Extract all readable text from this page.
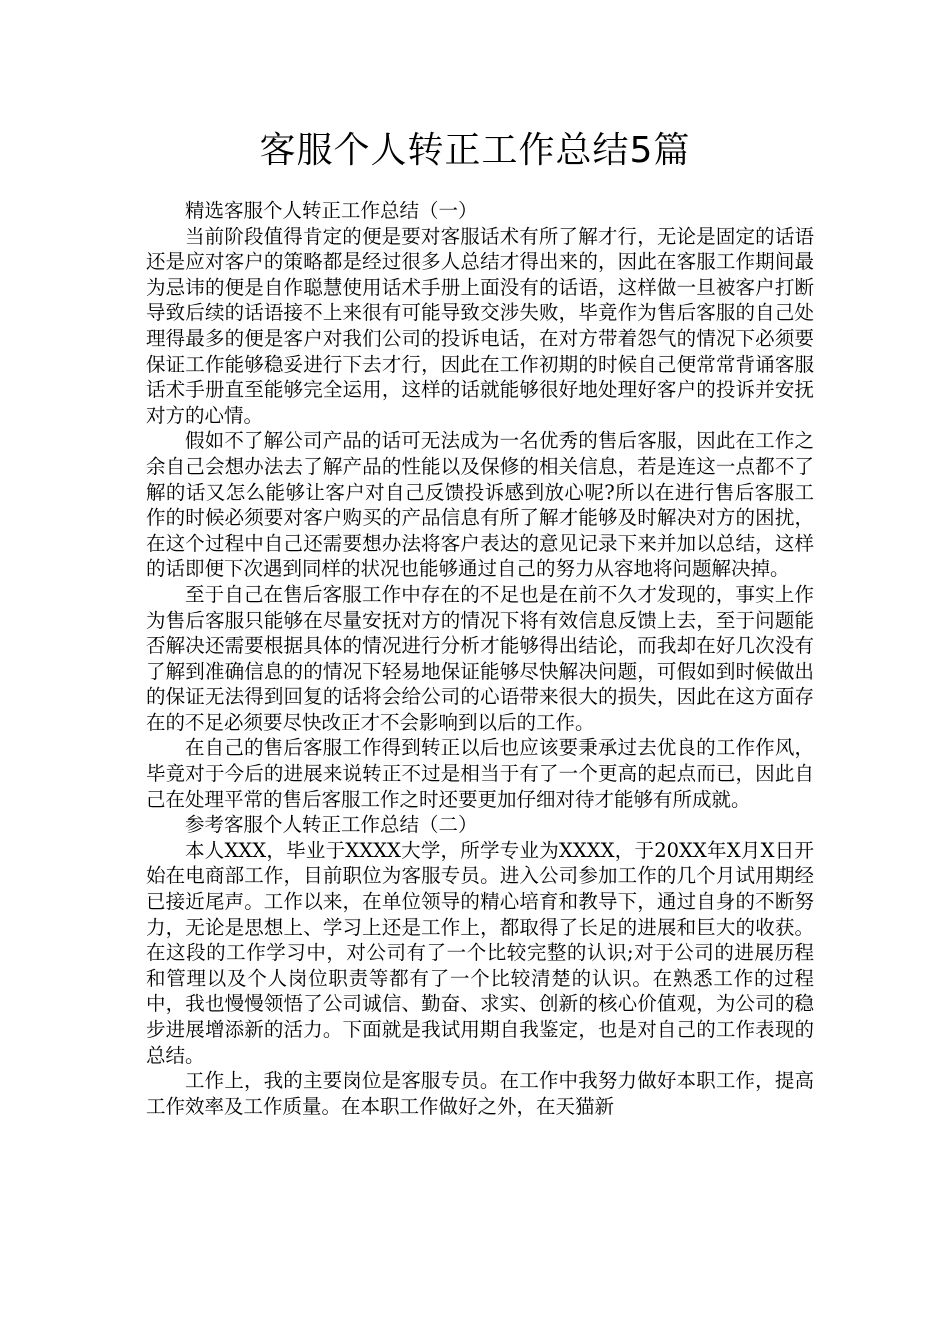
客服个人转正工作总结5篇

精选客服个人转正工作总结（一）

当前阶段值得肯定的便是要对客服话术有所了解才行，无论是固定的话语还是应对客户的策略都是经过很多人总结才得出来的，因此在客服工作期间最为忌讳的便是自作聪慧使用话术手册上面没有的话语，这样做一旦被客户打断导致后续的话语接不上来很有可能导致交涉失败，毕竟作为售后客服的自己处理得最多的便是客户对我们公司的投诉电话，在对方带着怨气的情况下必须要保证工作能够稳妥进行下去才行，因此在工作初期的时候自己便常常背诵客服话术手册直至能够完全运用，这样的话就能够很好地处理好客户的投诉并安抚对方的心情。

假如不了解公司产品的话可无法成为一名优秀的售后客服，因此在工作之余自己会想办法去了解产品的性能以及保修的相关信息，若是连这一点都不了解的话又怎么能够让客户对自己反馈投诉感到放心呢?所以在进行售后客服工作的时候必须要对客户购买的产品信息有所了解才能够及时解决对方的困扰，在这个过程中自己还需要想办法将客户表达的意见记录下来并加以总结，这样的话即便下次遇到同样的状况也能够通过自己的努力从容地将问题解决掉。

至于自己在售后客服工作中存在的不足也是在前不久才发现的，事实上作为售后客服只能够在尽量安抚对方的情况下将有效信息反馈上去，至于问题能否解决还需要根据具体的情况进行分析才能够得出结论，而我却在好几次没有了解到准确信息的的情况下轻易地保证能够尽快解决问题，可假如到时候做出的保证无法得到回复的话将会给公司的心语带来很大的损失，因此在这方面存在的不足必须要尽快改正才不会影响到以后的工作。

在自己的售后客服工作得到转正以后也应该要秉承过去优良的工作作风，毕竟对于今后的进展来说转正不过是相当于有了一个更高的起点而已，因此自己在处理平常的售后客服工作之时还要更加仔细对待才能够有所成就。

参考客服个人转正工作总结（二）

本人XXX，毕业于XXXX大学，所学专业为XXXX，于20XX年X月X日开始在电商部工作，目前职位为客服专员。进入公司参加工作的几个月试用期经已接近尾声。工作以来，在单位领导的精心培育和教导下，通过自身的不断努力，无论是思想上、学习上还是工作上，都取得了长足的进展和巨大的收获。在这段的工作学习中，对公司有了一个比较完整的认识;对于公司的进展历程和管理以及个人岗位职责等都有了一个比较清楚的认识。在熟悉工作的过程中，我也慢慢领悟了公司诚信、勤奋、求实、创新的核心价值观，为公司的稳步进展增添新的活力。下面就是我试用期自我鉴定，也是对自己的工作表现的总结。

工作上，我的主要岗位是客服专员。在工作中我努力做好本职工作，提高工作效率及工作质量。在本职工作做好之外，在天猫新
